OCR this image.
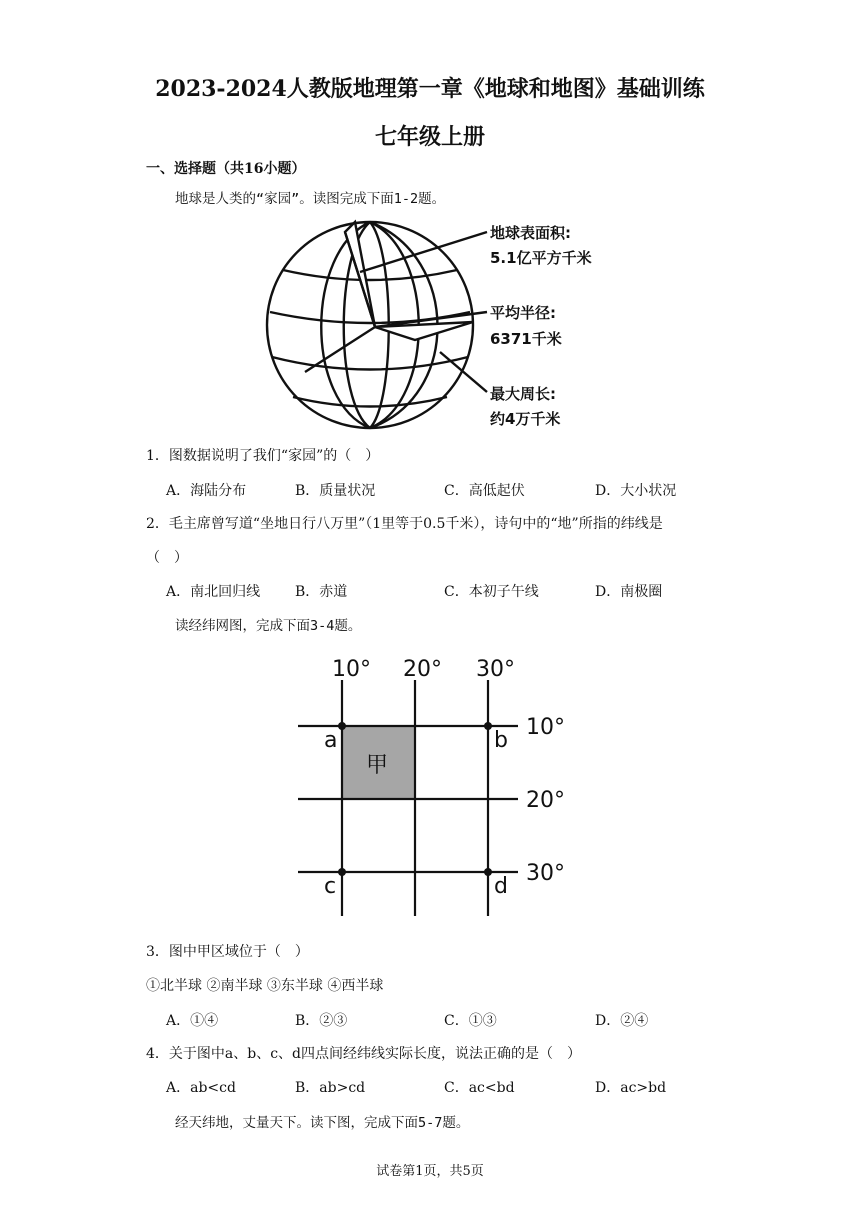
2023-2024人教版地理第一章《地球和地图》基础训练
七年级上册
一、选择题（共16小题）
地球是人类的“家园”。读图完成下面1-2题。
地球表面积:
5.1亿平方千米
平均半径:
6371千米
最大周长:
约4万千米
1．图数据说明了我们“家园”的（　）
A．海陆分布	B．质量状况	C．高低起伏	D．大小状况
2．毛主席曾写道“坐地日行八万里”（1里等于0.5千米），诗句中的“地”所指的纬线是
（　）
A．南北回归线 B．赤道	C．本初子午线	D．南极圈
读经纬网图，完成下面3-4题。
10° 20° 30°
10°
20°
30°
a	b
c	d
甲
3．图中甲区域位于（　）
①北半球 ②南半球 ③东半球 ④西半球
A．①④	B．②③	C．①③	D．②④
4．关于图中a、b、c、d四点间经纬线实际长度，说法正确的是（　）
A．ab<cd	B．ab>cd	C．ac<bd	D．ac>bd
经天纬地，丈量天下。读下图，完成下面5-7题。
试卷第1页，共5页
